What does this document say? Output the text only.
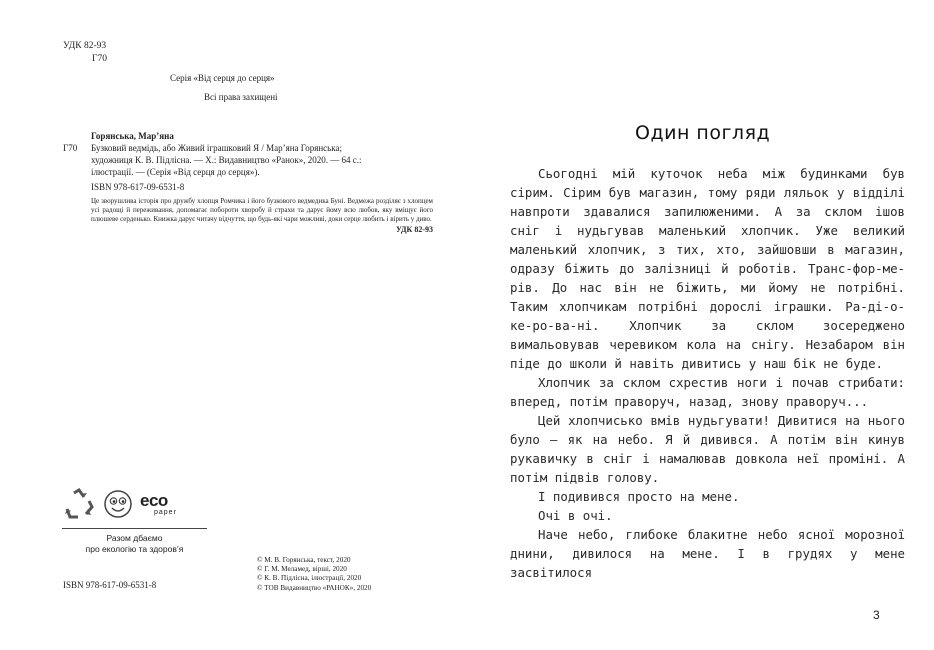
УДК 82-93
Г70
Серія «Від серця до серця»
Всі права захищені
Горянська, Мар’яна
Г70	Бузковий ведмідь, або Живий іграшковий Я / Мар’яна Горянська;
художниця К. В. Підлісна. — Х.: Видавництво «Ранок», 2020. — 64 с.:
ілюстрації. — (Серія «Від серця до серця»).
ISBN 978-617-09-6531-8
Це зворушлива історія про дружбу хлопця Ромчика і його бузкового ведмедика Буні. Ведмежа розділяє з хлопцем усі радощі й переживання, допомагає побороти хворобу й страхи та дарує йому всю любов, яку вміщує його плюшеве серденько. Книжка дарує читачу відчуття, що будь-які чари можливі, доки серце любить і вірить у диво.
УДК 82-93
eco
paper
Разом дбаємо
про екологію та здоров’я
ISBN 978-617-09-6531-8
© М. В. Горянська, текст, 2020
© Г. М. Меламед, вірші, 2020
© К. В. Підлісна, ілюстрації, 2020
© ТОВ Видавництво «РАНОК», 2020
Один погляд

Сьогодні мій куточок неба між будинками був сірим. Сірим був магазин, тому ряди ляльок у відділі навпроти здавалися запилюженими. А за склом ішов сніг і нудьгував маленький хлопчик. Уже великий маленький хлопчик, з тих, хто, зайшовши в магазин, одразу біжить до залізниці й роботів. Транс-фор-ме-рів. До нас він не біжить, ми йому не потрібні. Таким хлопчикам потрібні дорослі іграшки. Ра-ді-о-ке-ро-ва-ні. Хлопчик за склом зосереджено вимальовував черевиком кола на снігу. Незабаром він піде до школи й навіть дивитись у наш бік не буде.

Хлопчик за склом схрестив ноги і почав стрибати: вперед, потім праворуч, назад, знову праворуч...

Цей хлопчисько вмів нудьгувати! Дивитися на нього було — як на небо. Я й дивився. А потім він кинув рукавичку в сніг і намалював довкола неї проміні. А потім підвів голову.

І подивився просто на мене.

Очі в очі.

Наче небо, глибоке блакитне небо ясної морозної днини, дивилося на мене. І в грудях у мене засвітилося

3
